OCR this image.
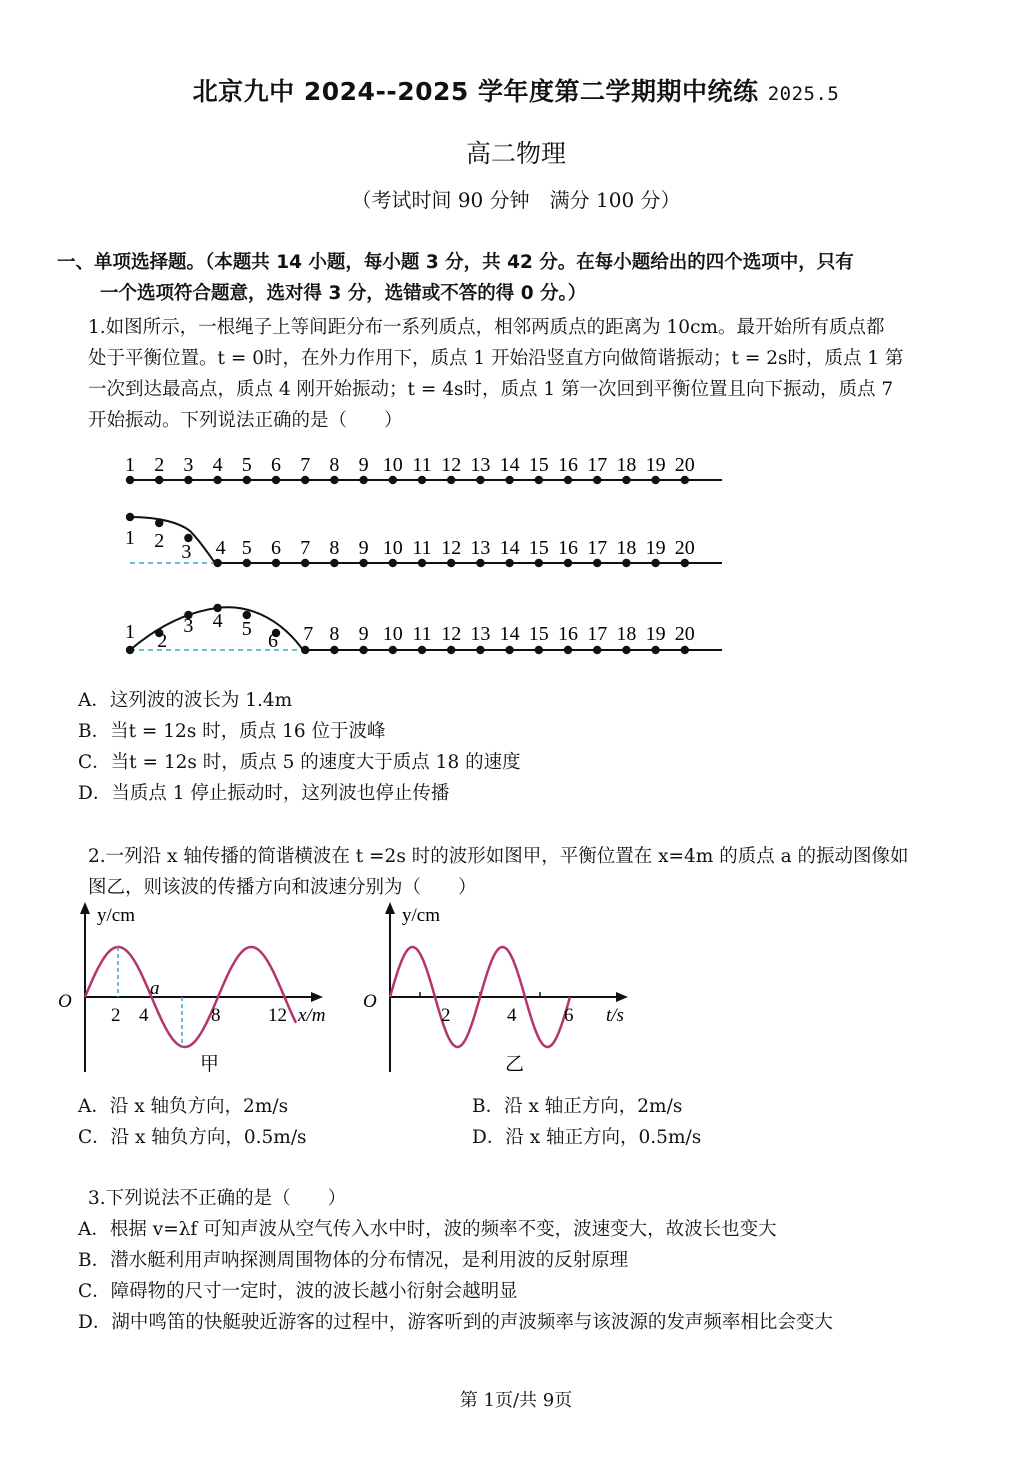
北京九中 2024--2025 学年度第二学期期中统练 2025.5
高二物理
（考试时间 90 分钟　满分 100 分）
一、单项选择题。（本题共 14 小题，每小题 3 分，共 42 分。在每小题给出的四个选项中，只有
一个选项符合题意，选对得 3 分，选错或不答的得 0 分。）
1.如图所示，一根绳子上等间距分布一系列质点，相邻两质点的距离为 10cm。最开始所有质点都
处于平衡位置。t = 0时，在外力作用下，质点 1 开始沿竖直方向做简谐振动；t = 2s时，质点 1 第
一次到达最高点，质点 4 刚开始振动；t = 4s时，质点 1 第一次回到平衡位置且向下振动，质点 7
开始振动。下列说法正确的是（　　）
1 2 3 4 5 6 7 8 9 10 11 12 13 14 15 16 17 18 19 20
1 2 3 4 5 6 7 8 9 10 11 12 13 14 15 16 17 18 19 20
1 2
3 4 5
6 7 8 9 10 11 12 13 14 15 16 17 18 19 20
A．这列波的波长为 1.4m
B．当t = 12s 时，质点 16 位于波峰
C．当t = 12s 时，质点 5 的速度大于质点 18 的速度
D．当质点 1 停止振动时，这列波也停止传播
2.一列沿 x 轴传播的简谐横波在 t =2s 时的波形如图甲，平衡位置在 x=4m 的质点 a 的振动图像如
图乙，则该波的传播方向和波速分别为（　　）
O
y/cm
2 4	8	12 x/m
a
甲
O
y/cm
2	4	6 t/s
乙
A．沿 x 轴负方向，2m/s	B．沿 x 轴正方向，2m/s
C．沿 x 轴负方向，0.5m/s	D．沿 x 轴正方向，0.5m/s
3.下列说法不正确的是（　　）
A．根据 v=λf 可知声波从空气传入水中时，波的频率不变，波速变大，故波长也变大
B．潜水艇利用声呐探测周围物体的分布情况，是利用波的反射原理
C．障碍物的尺寸一定时，波的波长越小衍射会越明显
D．湖中鸣笛的快艇驶近游客的过程中，游客听到的声波频率与该波源的发声频率相比会变大
第 1页/共 9页
